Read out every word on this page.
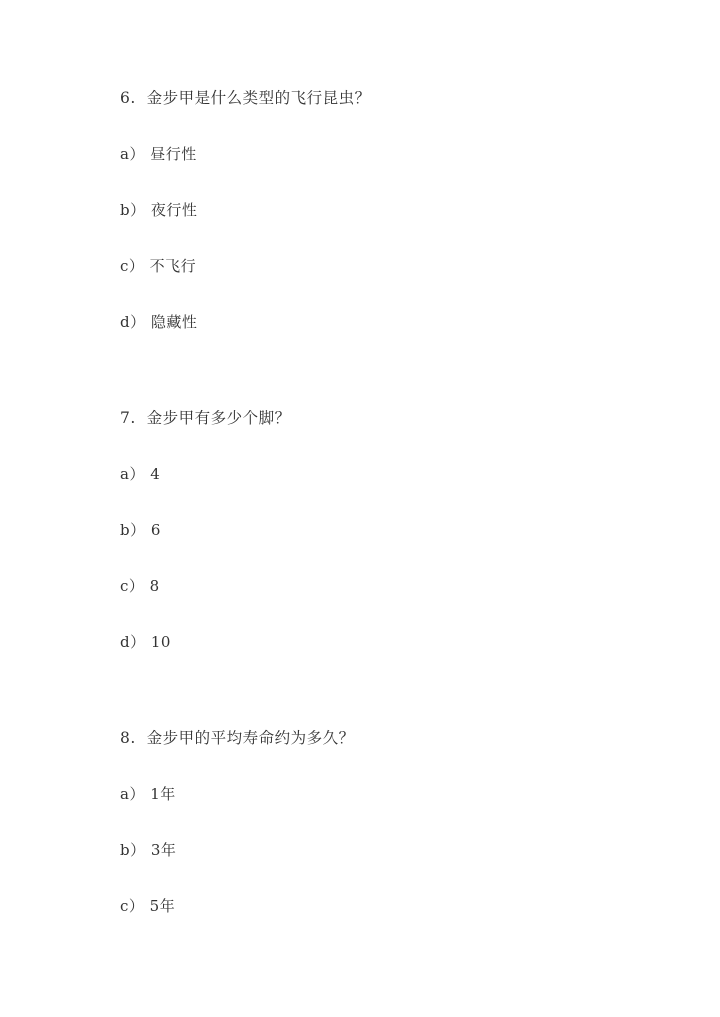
6.  金步甲是什么类型的飞行昆虫？
a） 昼行性
b） 夜行性
c） 不飞行
d） 隐藏性
7.  金步甲有多少个脚？
a） 4
b） 6
c） 8
d） 10
8.  金步甲的平均寿命约为多久？
a） 1年
b） 3年
c） 5年
